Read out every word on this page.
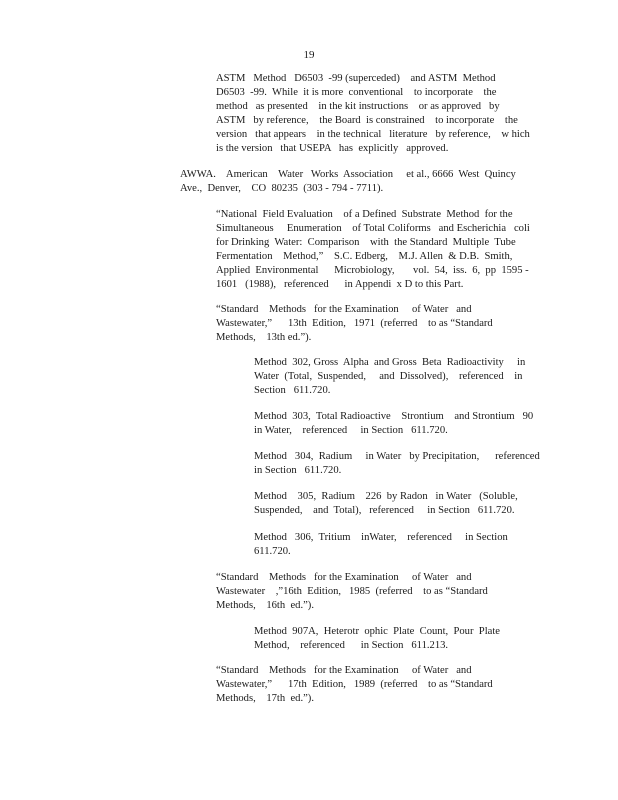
19
ASTM   Method   D6503  -99 (superceded)    and ASTM  Method
D6503  -99.  While  it is more  conventional    to incorporate    the
method   as presented    in the kit instructions    or as approved   by
ASTM   by reference,    the Board  is constrained    to incorporate    the
version   that appears    in the technical   literature   by reference,    w hich
is the version   that USEPA   has  explicitly   approved.
AWWA.    American    Water   Works  Association     et al., 6666  West  Quincy
Ave.,  Denver,    CO  80235  (303 - 794 - 7711).
“National  Field Evaluation    of a Defined  Substrate  Method  for the
Simultaneous     Enumeration    of Total Coliforms   and Escherichia   coli
for Drinking  Water:  Comparison    with  the Standard  Multiple  Tube
Fermentation    Method,”    S.C. Edberg,    M.J. Allen  & D.B.  Smith,
Applied  Environmental      Microbiology,       vol.  54,  iss.  6,  pp  1595 -
1601   (1988),   referenced      in Appendi  x D to this Part.
“Standard    Methods   for the Examination     of Water   and
Wastewater,”      13th  Edition,   1971  (referred    to as “Standard
Methods,    13th ed.”).
Method  302, Gross  Alpha  and Gross  Beta  Radioactivity     in
Water  (Total,  Suspended,     and  Dissolved),    referenced    in
Section   611.720.
Method  303,  Total Radioactive    Strontium    and Strontium   90
in Water,    referenced     in Section   611.720.
Method   304,  Radium     in Water   by Precipitation,      referenced
in Section   611.720.
Method    305,  Radium    226  by Radon   in Water   (Soluble,
Suspended,    and  Total),   referenced     in Section   611.720.
Method   306,  Tritium    inWater,    referenced     in Section
611.720.
“Standard    Methods   for the Examination     of Water   and
Wastewater    ,”16th  Edition,   1985  (referred    to as “Standard
Methods,    16th  ed.”).
Method  907A,  Heterotr  ophic  Plate  Count,  Pour  Plate
Method,    referenced      in Section   611.213.
“Standard    Methods   for the Examination     of Water   and
Wastewater,”      17th  Edition,   1989  (referred    to as “Standard
Methods,    17th  ed.”).
